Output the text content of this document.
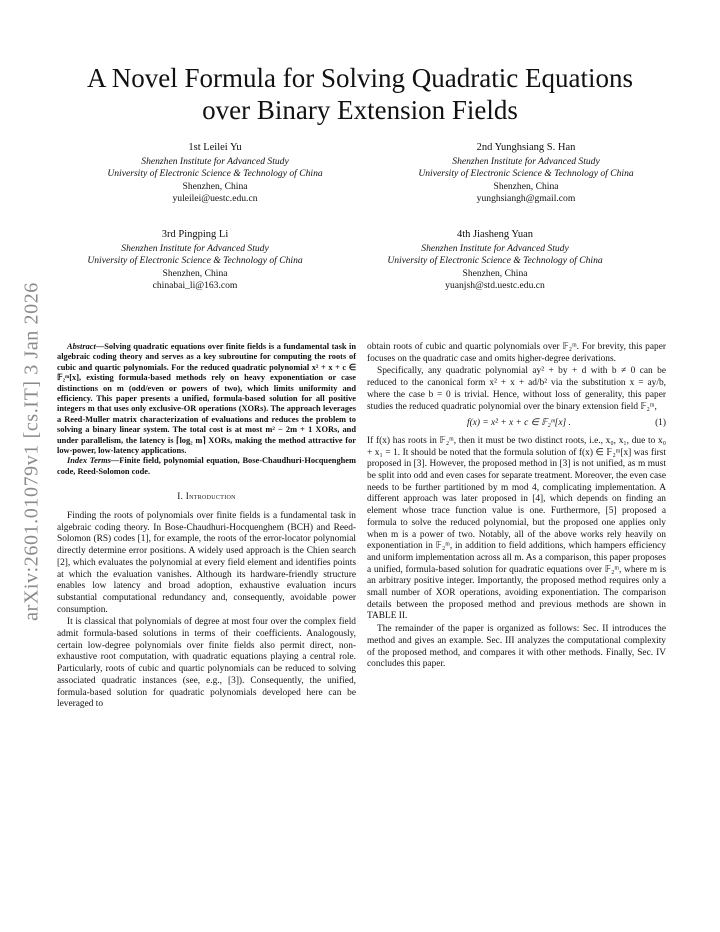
A Novel Formula for Solving Quadratic Equations
over Binary Extension Fields
1st Leilei Yu
Shenzhen Institute for Advanced Study
University of Electronic Science & Technology of China
Shenzhen, China
yuleilei@uestc.edu.cn
2nd Yunghsiang S. Han
Shenzhen Institute for Advanced Study
University of Electronic Science & Technology of China
Shenzhen, China
yunghsiangh@gmail.com
3rd Pingping Li
Shenzhen Institute for Advanced Study
University of Electronic Science & Technology of China
Shenzhen, China
chinabai_li@163.com
4th Jiasheng Yuan
Shenzhen Institute for Advanced Study
University of Electronic Science & Technology of China
Shenzhen, China
yuanjsh@std.uestc.edu.cn
arXiv:2601.01079v1 [cs.IT] 3 Jan 2026	Abstract—Solving quadratic equations over finite fields is a fundamental task in algebraic coding theory and serves as a key subroutine for computing the roots of cubic and quartic polynomials. For the reduced quadratic polynomial x² + x + c ∈ 𝔽₂ᵐ[x], existing formula-based methods rely on heavy exponentiation or case distinctions on m (odd/even or powers of two), which limits uniformity and efficiency. This paper presents a unified, formula-based solution for all positive integers m that uses only exclusive-OR operations (XORs). The approach leverages a Reed-Muller matrix characterization of evaluations and reduces the problem to solving a binary linear system. The total cost is at most m² − 2m + 1 XORs, and under parallelism, the latency is ⌈log₂ m⌉ XORs, making the method attractive for low-power, low-latency applications.

Index Terms—Finite field, polynomial equation, Bose-Chaudhuri-Hocquenghem code, Reed-Solomon code.

I. Introduction

Finding the roots of polynomials over finite fields is a fundamental task in algebraic coding theory. In Bose-Chaudhuri-Hocquenghem (BCH) and Reed-Solomon (RS) codes [1], for example, the roots of the error-locator polynomial directly determine error positions. A widely used approach is the Chien search [2], which evaluates the polynomial at every field element and identifies points at which the evaluation vanishes. Although its hardware-friendly structure enables low latency and broad adoption, exhaustive evaluation incurs substantial computational redundancy and, consequently, avoidable power consumption.

It is classical that polynomials of degree at most four over the complex field admit formula-based solutions in terms of their coefficients. Analogously, certain low-degree polynomials over finite fields also permit direct, non-exhaustive root computation, with quadratic equations playing a central role. Particularly, roots of cubic and quartic polynomials can be reduced to solving associated quadratic instances (see, e.g., [3]). Consequently, the unified, formula-based solution for quadratic polynomials developed here can be leveraged to

obtain roots of cubic and quartic polynomials over 𝔽₂ᵐ. For brevity, this paper focuses on the quadratic case and omits higher-degree derivations.

Specifically, any quadratic polynomial ay² + by + d with b ≠ 0 can be reduced to the canonical form x² + x + ad/b² via the substitution x = ay/b, where the case b = 0 is trivial. Hence, without loss of generality, this paper studies the reduced quadratic polynomial over the binary extension field 𝔽₂ᵐ,

f(x) = x² + x + c ∈ 𝔽₂ᵐ[x] .	(1)

If f(x) has roots in 𝔽₂ᵐ, then it must be two distinct roots, i.e., x₀, x₁, due to x₀ + x₁ = 1. It should be noted that the formula solution of f(x) ∈ 𝔽₂ᵐ[x] was first proposed in [3]. However, the proposed method in [3] is not unified, as m must be split into odd and even cases for separate treatment. Moreover, the even case needs to be further partitioned by m mod 4, complicating implementation. A different approach was later proposed in [4], which depends on finding an element whose trace function value is one. Furthermore, [5] proposed a formula to solve the reduced polynomial, but the proposed one applies only when m is a power of two. Notably, all of the above works rely heavily on exponentiation in 𝔽₂ᵐ, in addition to field additions, which hampers efficiency and uniform implementation across all m. As a comparison, this paper proposes a unified, formula-based solution for quadratic equations over 𝔽₂ᵐ, where m is an arbitrary positive integer. Importantly, the proposed method requires only a small number of XOR operations, avoiding exponentiation. The comparison details between the proposed method and previous methods are shown in TABLE II.

The remainder of the paper is organized as follows: Sec. II introduces the method and gives an example. Sec. III analyzes the computational complexity of the proposed method, and compares it with other methods. Finally, Sec. IV concludes this paper.
